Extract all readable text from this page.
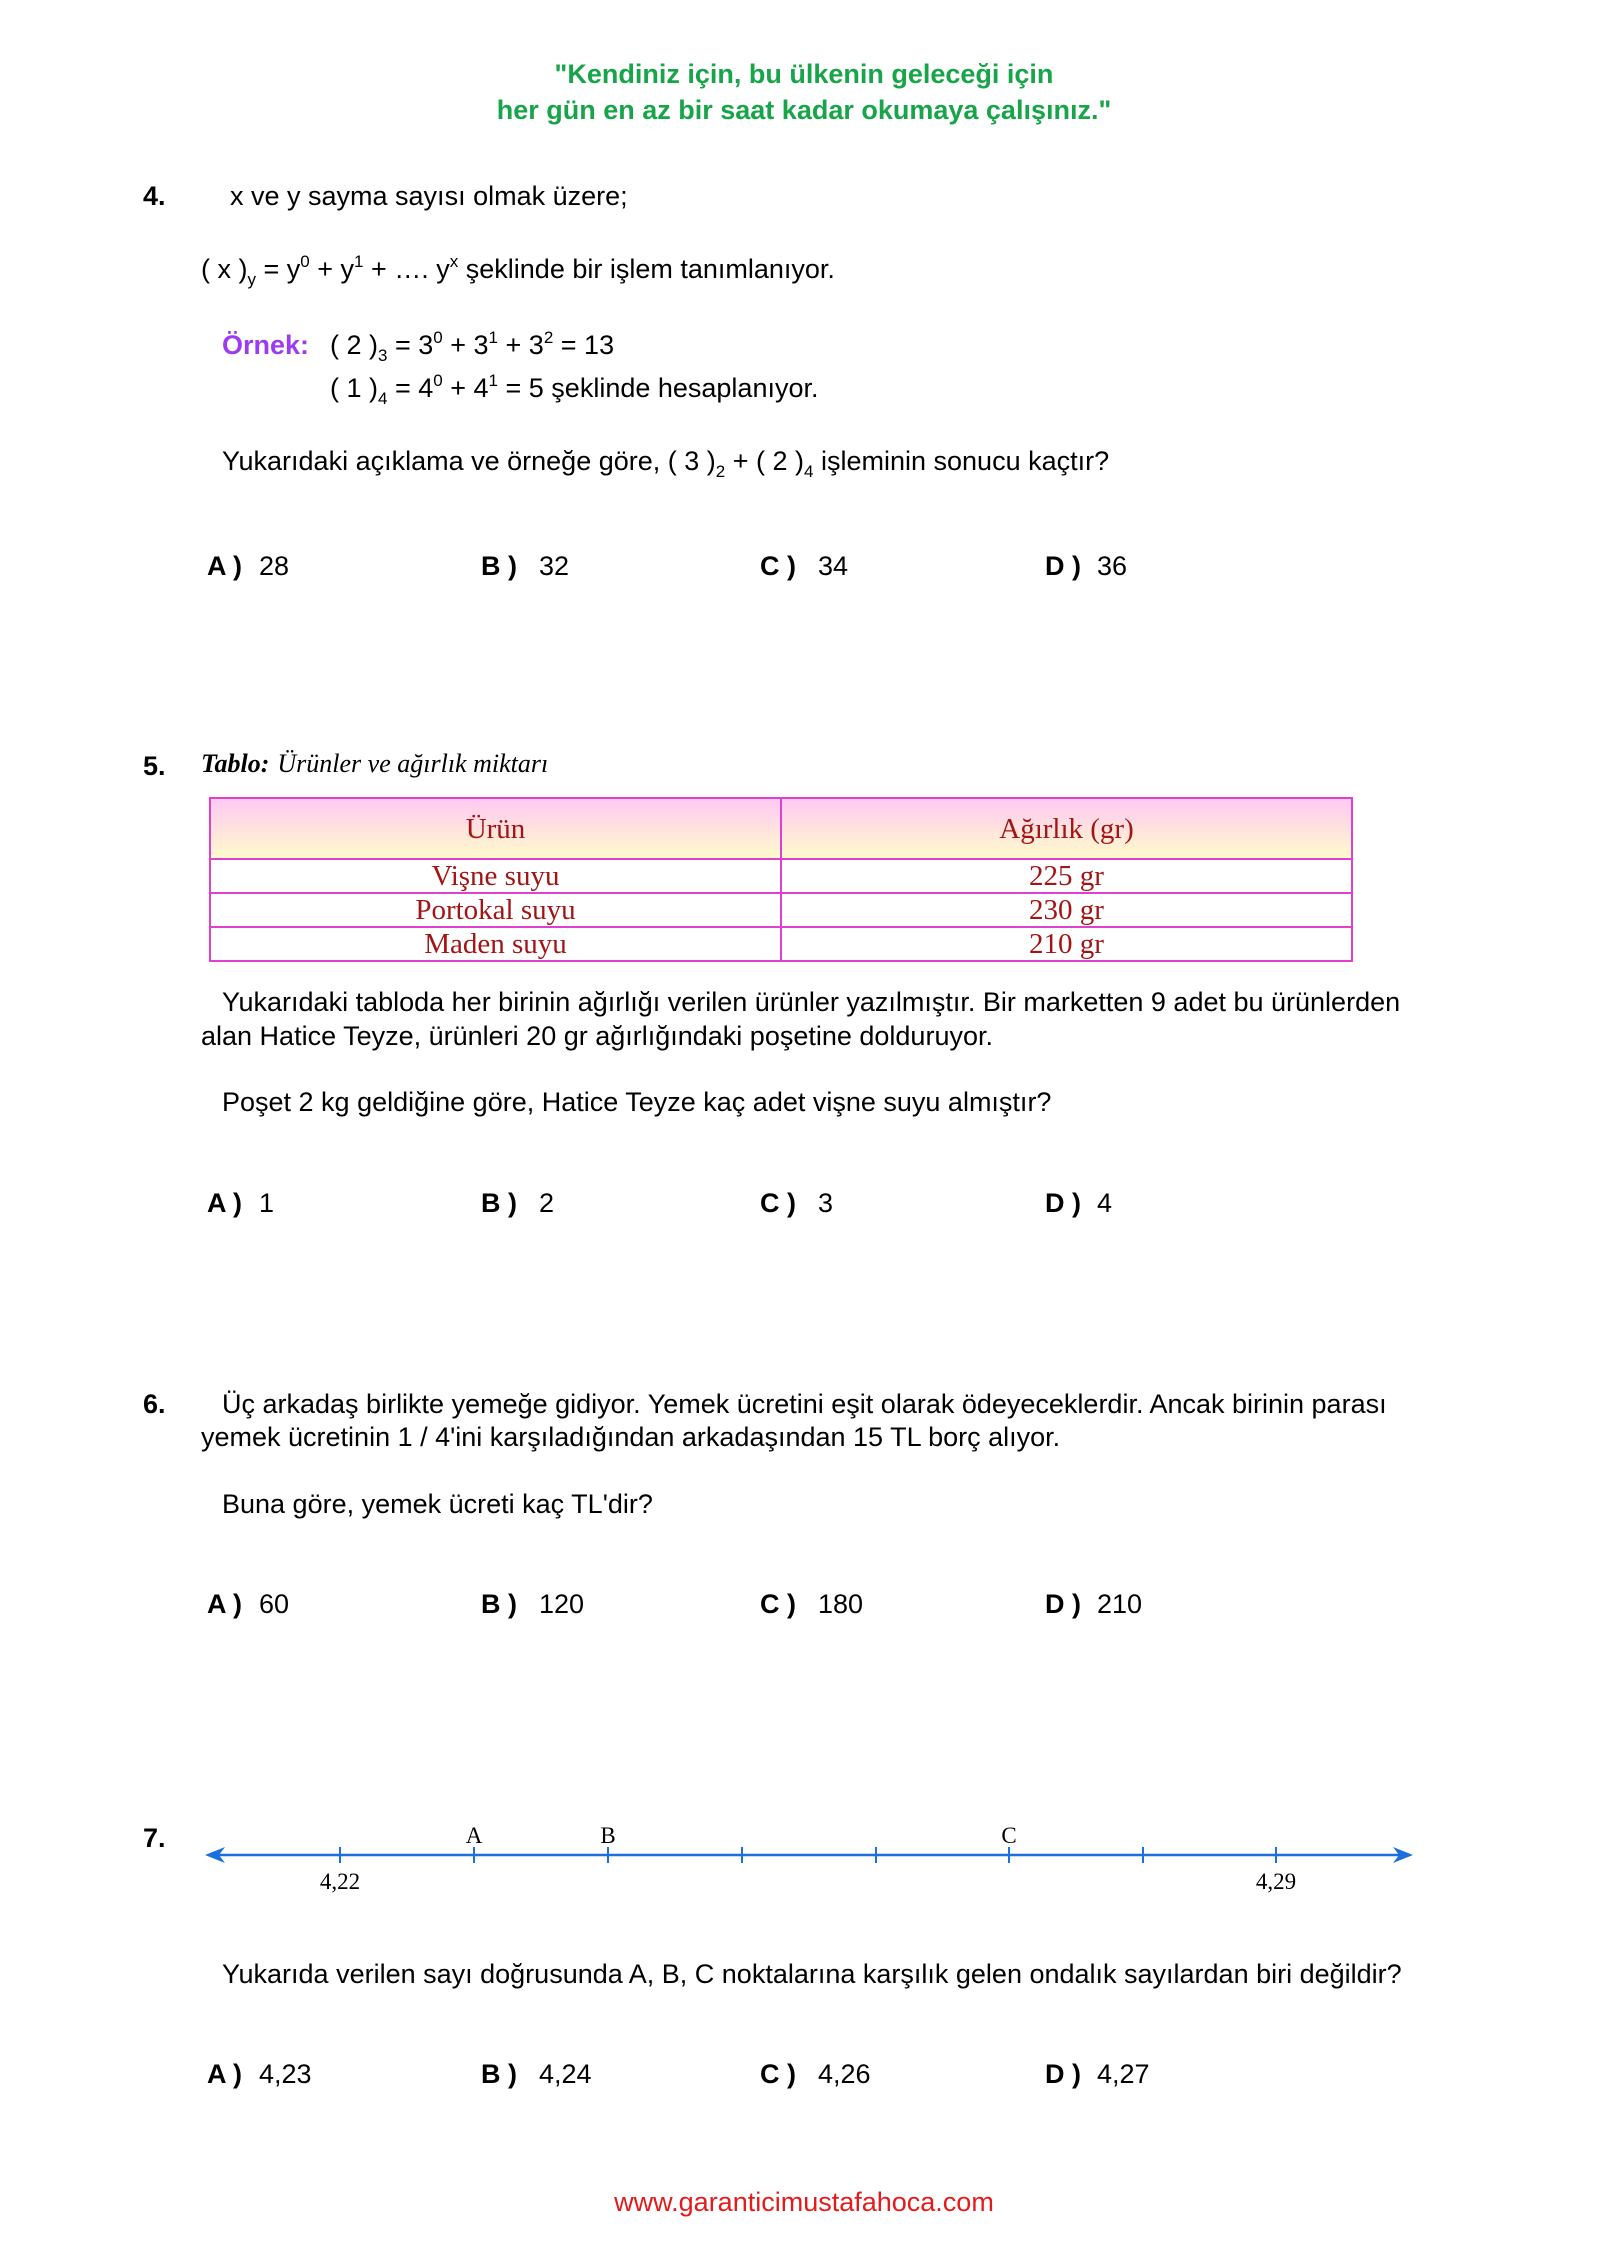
"Kendiniz için, bu ülkenin geleceği için
her gün en az bir saat kadar okumaya çalışınız."
4. x ve y sayma sayısı olmak üzere;
( x )$_y = y^0 + y^1$ + …. $y^x$ şeklinde bir işlem tanımlanıyor.
Örnek: ( 2 )$_3 = 3^0 + 3^1 + 3^2 = 13$
( 1 )$_4 = 4^0 + 4^1 = 5$ şeklinde hesaplanıyor.
Yukarıdaki açıklama ve örneğe göre, ( 3 )$_2$ + ( 2 )$_4$ işleminin sonucu kaçtır?
A ) 28	B ) 32	C ) 34	D ) 36
5. Tablo: Ürünler ve ağırlık miktarı
Ürün	Ağırlık (gr)
Vişne suyu	225 gr
Portokal suyu	230 gr
Maden suyu	210 gr
Yukarıdaki tabloda her birinin ağırlığı verilen ürünler yazılmıştır. Bir marketten 9 adet bu ürünlerden
alan Hatice Teyze, ürünleri 20 gr ağırlığındaki poşetine dolduruyor.
Poşet 2 kg geldiğine göre, Hatice Teyze kaç adet vişne suyu almıştır?
A ) 1	B ) 2	C ) 3	D ) 4
6. Üç arkadaş birlikte yemeğe gidiyor. Yemek ücretini eşit olarak ödeyeceklerdir. Ancak birinin parası
yemek ücretinin 1 / 4'ini karşıladığından arkadaşından 15 TL borç alıyor.
Buna göre, yemek ücreti kaç TL'dir?
A ) 60	B ) 120	C ) 180	D ) 210
7.	A	B	C
4,22	4,29
Yukarıda verilen sayı doğrusunda A, B, C noktalarına karşılık gelen ondalık sayılardan biri değildir?
A ) 4,23	B ) 4,24	C ) 4,26	D ) 4,27
www.garanticimustafahoca.com
